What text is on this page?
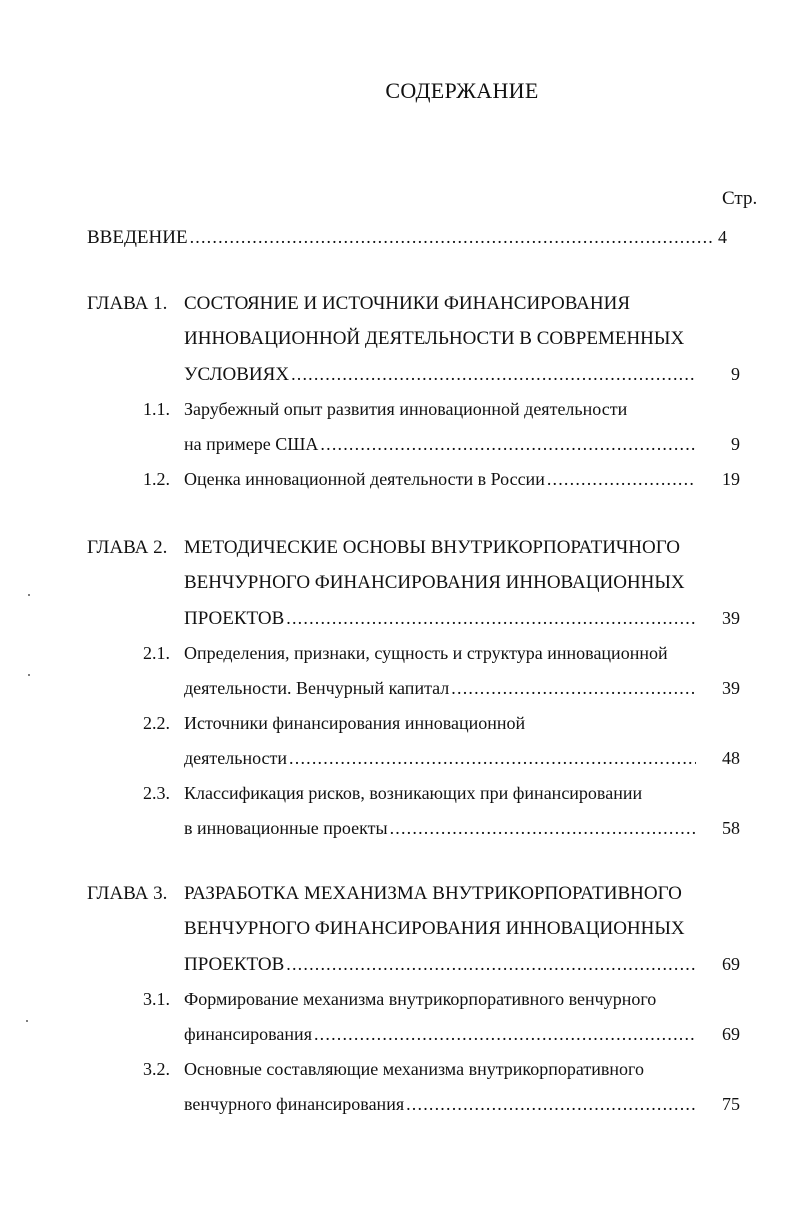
СОДЕРЖАНИЕ
Стр.
ВВЕДЕНИЕ .....	4
ГЛАВА 1. СОСТОЯНИЕ И ИСТОЧНИКИ ФИНАНСИРОВАНИЯ
ИННОВАЦИОННОЙ ДЕЯТЕЛЬНОСТИ В СОВРЕМЕННЫХ
УСЛОВИЯХ .....	9
1.1. Зарубежный опыт развития инновационной деятельности
на примере США .....	9
1.2. Оценка инновационной деятельности в России .....	19
ГЛАВА 2. МЕТОДИЧЕСКИЕ ОСНОВЫ ВНУТРИКОРПОРАТИЧНОГО
ВЕНЧУРНОГО ФИНАНСИРОВАНИЯ ИННОВАЦИОННЫХ
ПРОЕКТОВ .....	39
2.1. Определения, признаки, сущность и структура инновационной
деятельности. Венчурный капитал .....	39
2.2. Источники финансирования инновационной
деятельности .....	48
2.3. Классификация рисков, возникающих при финансировании
в инновационные проекты .....	58
ГЛАВА 3. РАЗРАБОТКА МЕХАНИЗМА ВНУТРИКОРПОРАТИВНОГО
ВЕНЧУРНОГО ФИНАНСИРОВАНИЯ ИННОВАЦИОННЫХ
ПРОЕКТОВ .....	69
3.1. Формирование механизма внутрикорпоративного венчурного
финансирования .....	69
3.2. Основные составляющие механизма внутрикорпоративного
венчурного финансирования .....	75
